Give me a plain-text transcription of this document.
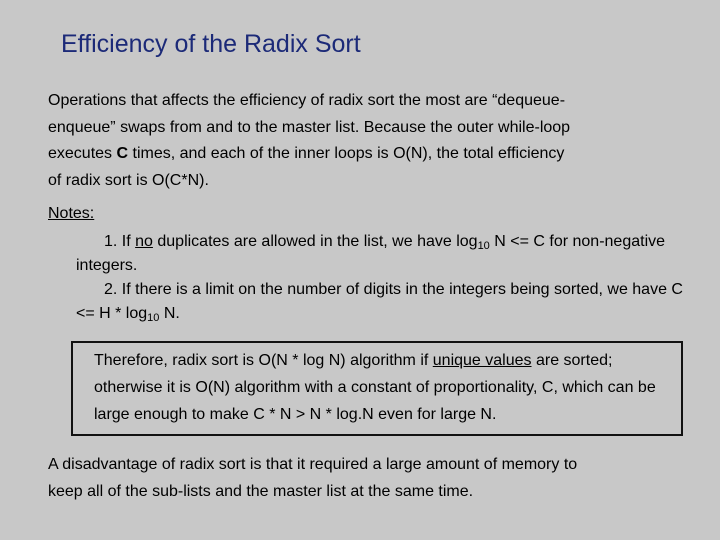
Efficiency of the Radix Sort

Operations that affects the efficiency of radix sort the most are “dequeue-
enqueue” swaps from and to the master list. Because the outer while-loop
executes C times, and each of the inner loops is O(N), the total efficiency
of radix sort is O(C*N).

Notes:

1. If no duplicates are allowed in the list, we have $\log_{10} N <= C$ for non-negative integers.

2. If there is a limit on the number of digits in the integers being sorted, we have $C <= H * \log_{10} N$.

Therefore, radix sort is O(N * log N) algorithm if unique values are sorted; otherwise it is O(N) algorithm with a constant of proportionality, C, which can be large enough to make C * N > N * log.N even for large N.

A disadvantage of radix sort is that it required a large amount of memory to
keep all of the sub-lists and the master list at the same time.
